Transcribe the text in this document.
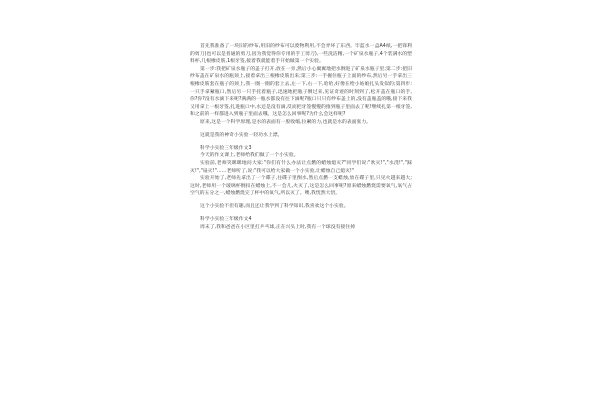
首先我准备了一块旧的纱布,用旧的纱布可以废物利用,不会弄坏了东西。牢蓝水一盒A4纸,一把锋利的剪刀(也可以是普通的剪刀,因为我觉得你专用的手工剪刀),一些洗洁精,一个矿泉水瓶子,4个装满水的塑料杯,几根橡皮筋,1根牙签,接着我就能着手开始做第一个实验。

第一步:我把矿泉水瓶子的盖子打开,放在一旁,然后小心翼翼地把水倒进了矿泉水瓶子里;第二步:把旧纱布盖在矿泉水的瓶颈上,接着拿出三根橡皮筋出来;第三步:一手握住瓶子上面的纱布,然后另一手拿出三根橡皮筋套在瓶子的颈上,我一圈一圈的套上去,左一下,右一下,哈哈,好像在给小姑娘扎头发似的;第四步:一只手拿紧瓶口,然后另一只手托着瓶子,迅速地把瓶子倒过来,见证奇迹的时刻到了,松开盖在瓶口的手,你?你?没有水滴下来呢?满满的一瓶水都没有往下滴呢?瓶口只只有纱布盖上的,没有盖瓶盖的哦,接下来我又用拿上一根牙签,扎进瓶口中,水还是没有滴,反而把牙签慢慢的推到瓶子里面去了呢!继续扎第一根牙签,和之前的一样都进入到瓶子里面去哦。这是怎么回事呢?为什么会这样呢?

原来,这是一个科学原理,是水的表面有一股收缩,拉紧的力,也就是水的表面张力。

这就是我的神奇小实验一轻功水上漂。

科学小实验三年级作文3

今天的作文课上,老师给我们做了一个小实验。

实验前,老师笑眯眯地问大家:"你们有什么办法让点燃的蜡烛熄灭?"同学们说:"吹灭!","水浇!","踩灭!","扇灭!"……老师听了,说:"我可以给大家做一个小实验,让蜡烛自己熄灭!"

实验开始了,老师先拿出了一个碟子,往碟子里倒水,然后点燃一支蜡烛,放在碟子里,只见火越来越大;这时,老师用一个玻璃杯倒扣在蜡烛上,不一会儿,火灭了,这是怎么回事呢?原来蜡烛燃烧需要氧气,氧气占空气的五分之一,蜡烛燃烧完了杯中的氧气,所以灭了。噢,我恍然大悟。

这个小实验不但有趣,而且还让我学到了科学知识,我喜欢这个小实验。

科学小实验三年级作文4

周末了,我和爸爸在小区里打乒乓球,正在兴头上时,我有一个球没有接住掉
